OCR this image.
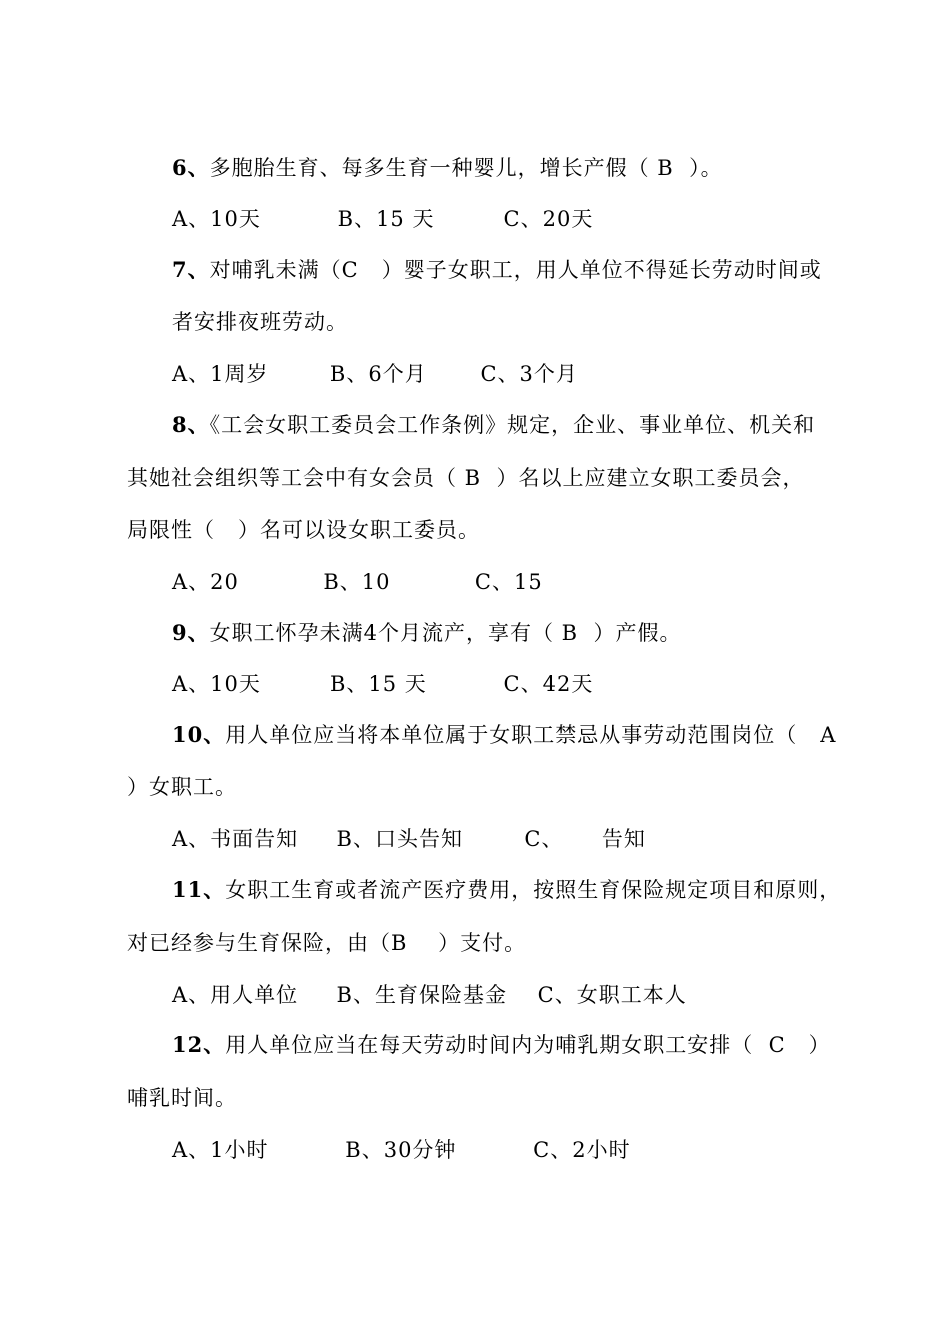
6、多胞胎生育、每多生育一种婴儿，增长产假（ B  ）。
A、10天          B、15 天         C、20天
7、对哺乳未满（C   ）婴子女职工，用人单位不得延长劳动时间或
者安排夜班劳动。
A、1周岁        B、6个月       C、3个月
8、《工会女职工委员会工作条例》规定，企业、事业单位、机关和
其她社会组织等工会中有女会员（ B  ）名以上应建立女职工委员会，
局限性（   ）名可以设女职工委员。
A、20           B、10           C、15
9、女职工怀孕未满4个月流产，享有（ B  ）产假。
A、10天         B、15 天          C、42天
10、用人单位应当将本单位属于女职工禁忌从事劳动范围岗位（   A
）女职工。
A、书面告知     B、口头告知        C、     告知
11、女职工生育或者流产医疗费用，按照生育保险规定项目和原则，
对已经参与生育保险，由（B    ）支付。
A、用人单位     B、生育保险基金    C、女职工本人
12、用人单位应当在每天劳动时间内为哺乳期女职工安排（  C   ）
哺乳时间。
A、1小时          B、30分钟          C、2小时
